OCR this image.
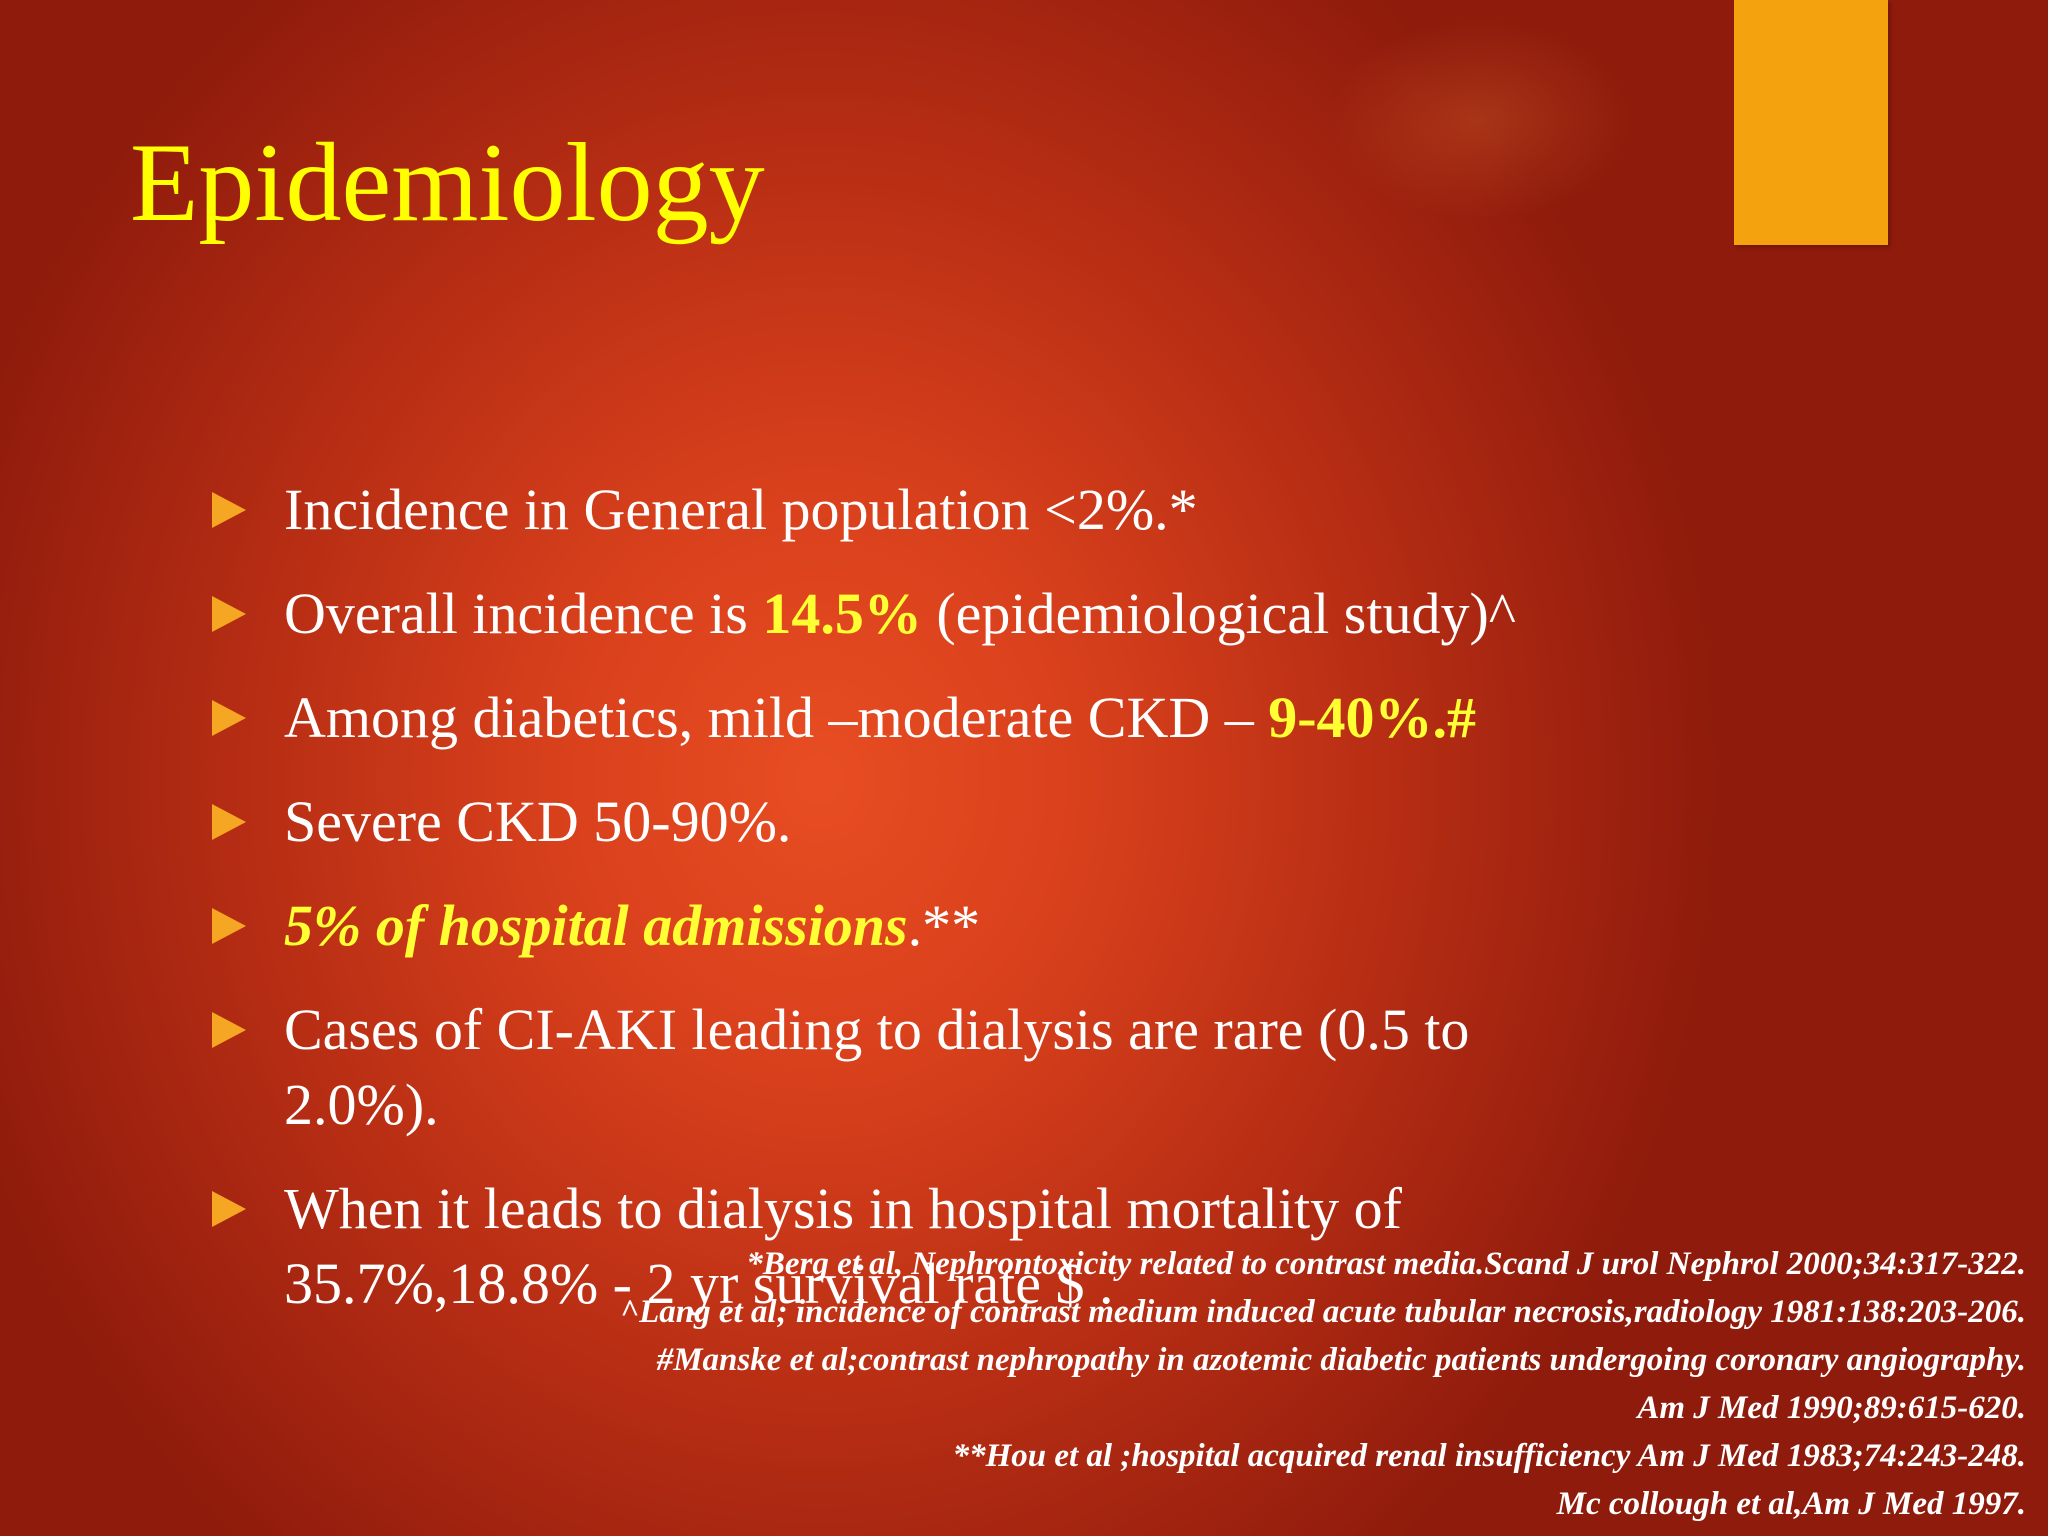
Epidemiology
Incidence in General population <2%.*
Overall incidence is 14.5% (epidemiological study)^
Among diabetics, mild –moderate CKD – 9-40%.#
Severe CKD 50-90%.
5% of hospital admissions.**
Cases of CI-AKI leading to dialysis are rare (0.5 to 2.0%).
When it leads to dialysis in hospital mortality of 35.7%,18.8% - 2 yr survival rate $ .
*Berg et al, Nephrontoxicity related to contrast media.Scand J urol Nephrol 2000;34:317-322.
^Lang et al; incidence of contrast medium induced acute tubular necrosis,radiology 1981:138:203-206.
#Manske et al;contrast nephropathy in azotemic diabetic patients undergoing coronary angiography.
Am J Med 1990;89:615-620.
**Hou et al ;hospital acquired renal insufficiency Am J Med 1983;74:243-248.
Mc collough et al,Am J Med 1997.
